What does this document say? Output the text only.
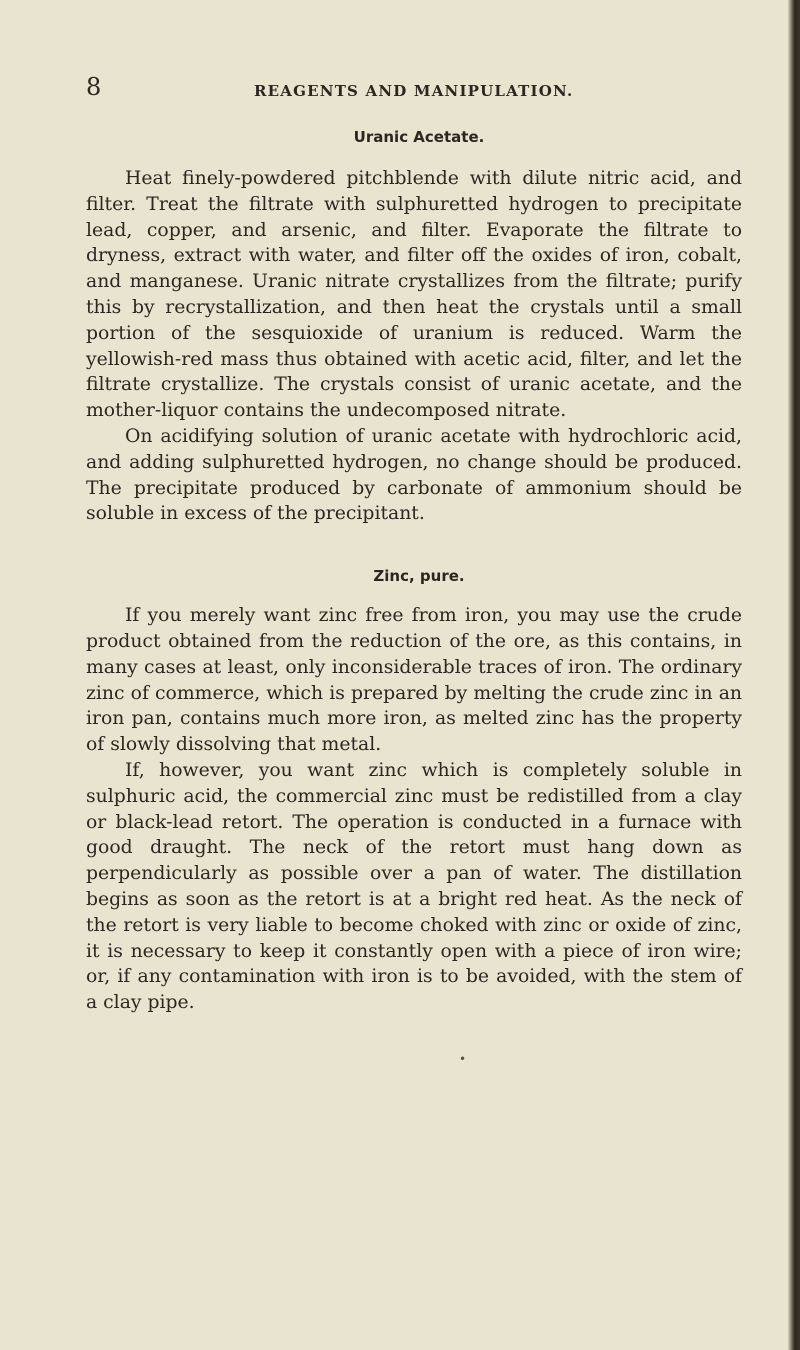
8	REAGENTS AND MANIPULATION.
Uranic Acetate.

Heat finely-powdered pitchblende with dilute nitric acid, and filter. Treat the filtrate with sulphuretted hydrogen to precipitate lead, copper, and arsenic, and filter. Evaporate the filtrate to dryness, extract with water, and filter off the oxides of iron, cobalt, and manganese. Uranic nitrate crystallizes from the filtrate; purify this by recrystallization, and then heat the crystals until a small portion of the sesquioxide of uranium is reduced. Warm the yellowish-red mass thus obtained with acetic acid, filter, and let the filtrate crystallize. The crystals consist of uranic acetate, and the mother-liquor contains the undecomposed nitrate.

On acidifying solution of uranic acetate with hydrochloric acid, and adding sulphuretted hydrogen, no change should be produced. The precipitate produced by carbonate of ammonium should be soluble in excess of the precipitant.

Zinc, pure.

If you merely want zinc free from iron, you may use the crude product obtained from the reduction of the ore, as this contains, in many cases at least, only inconsiderable traces of iron. The ordinary zinc of commerce, which is prepared by melting the crude zinc in an iron pan, contains much more iron, as melted zinc has the property of slowly dissolving that metal.

If, however, you want zinc which is completely soluble in sulphuric acid, the commercial zinc must be redistilled from a clay or black-lead retort. The operation is conducted in a furnace with good draught. The neck of the retort must hang down as perpendicularly as possible over a pan of water. The distillation begins as soon as the retort is at a bright red heat. As the neck of the retort is very liable to become choked with zinc or oxide of zinc, it is necessary to keep it constantly open with a piece of iron wire; or, if any contamination with iron is to be avoided, with the stem of a clay pipe.

•
